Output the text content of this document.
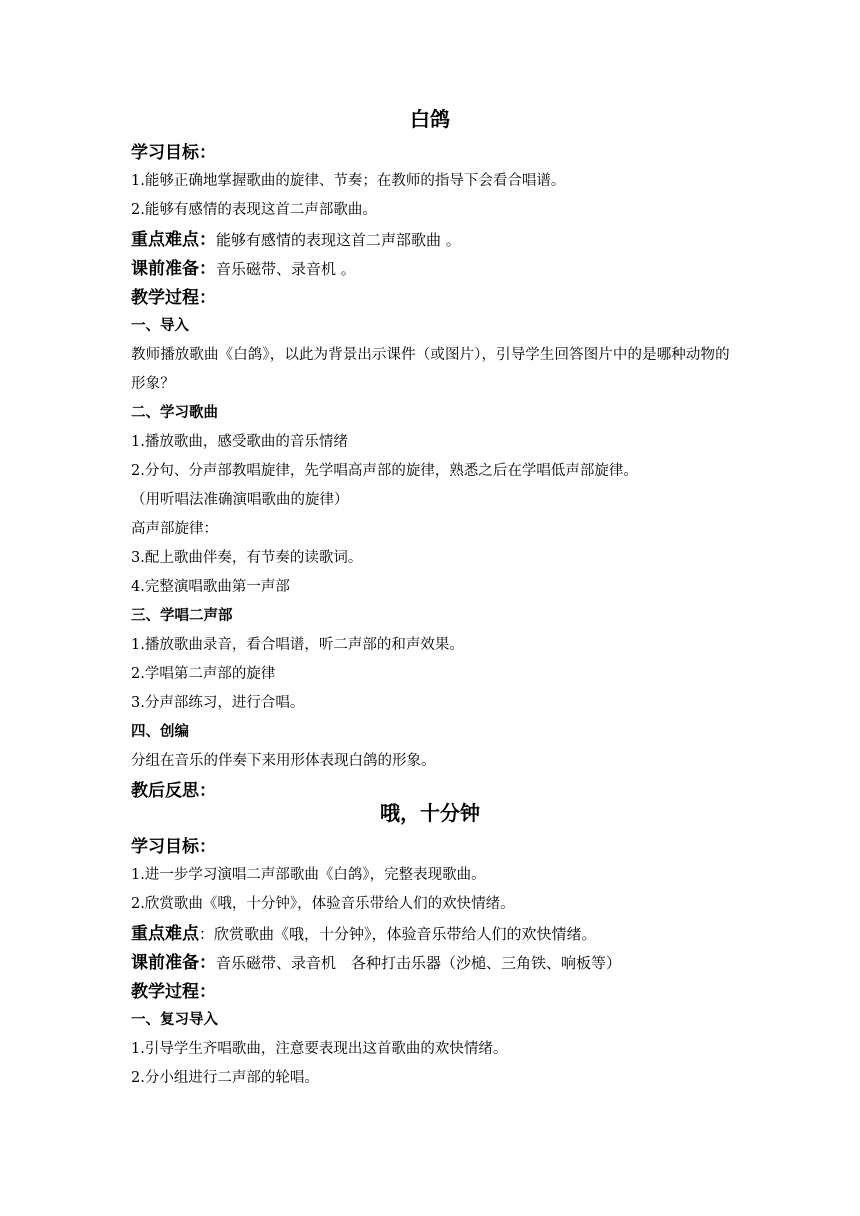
白鸽
学习目标：
1.能够正确地掌握歌曲的旋律、节奏；在教师的指导下会看合唱谱。
2.能够有感情的表现这首二声部歌曲。
重点难点：能够有感情的表现这首二声部歌曲 。
课前准备：音乐磁带、录音机 。
教学过程：
一、导入
教师播放歌曲《白鸽》，以此为背景出示课件（或图片），引导学生回答图片中的是哪种动物的形象？
二、学习歌曲
1.播放歌曲，感受歌曲的音乐情绪
2.分句、分声部教唱旋律，先学唱高声部的旋律，熟悉之后在学唱低声部旋律。
（用听唱法准确演唱歌曲的旋律）
高声部旋律：
3.配上歌曲伴奏，有节奏的读歌词。
4.完整演唱歌曲第一声部
三、学唱二声部
1.播放歌曲录音，看合唱谱，听二声部的和声效果。
2.学唱第二声部的旋律
3.分声部练习，进行合唱。
四、创编
分组在音乐的伴奏下来用形体表现白鸽的形象。
教后反思：
哦，十分钟
学习目标：
1.进一步学习演唱二声部歌曲《白鸽》，完整表现歌曲。
2.欣赏歌曲《哦，十分钟》，体验音乐带给人们的欢快情绪。
重点难点：欣赏歌曲《哦，十分钟》，体验音乐带给人们的欢快情绪。
课前准备：音乐磁带、录音机　各种打击乐器（沙槌、三角铁、响板等）
教学过程：
一、复习导入
1.引导学生齐唱歌曲，注意要表现出这首歌曲的欢快情绪。
2.分小组进行二声部的轮唱。
